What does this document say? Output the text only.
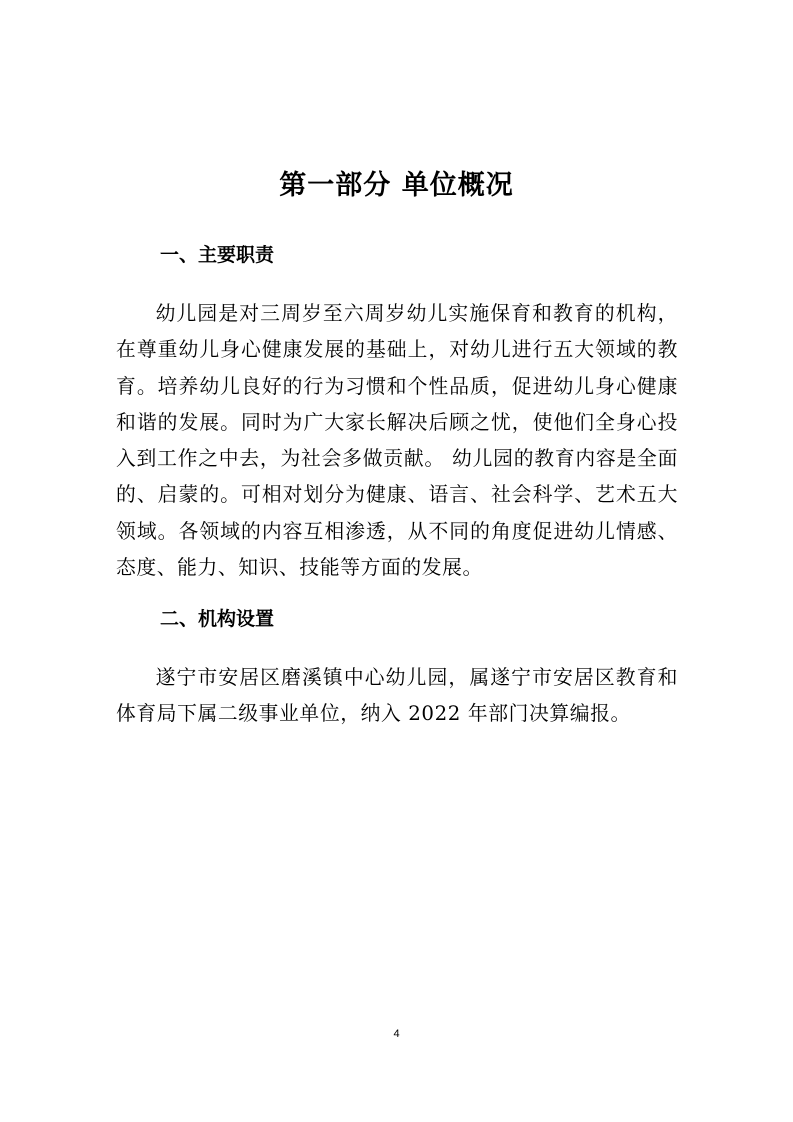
第一部分 单位概况
一、主要职责

幼儿园是对三周岁至六周岁幼儿实施保育和教育的机构，在尊重幼儿身心健康发展的基础上，对幼儿进行五大领域的教育。培养幼儿良好的行为习惯和个性品质，促进幼儿身心健康和谐的发展。同时为广大家长解决后顾之忧，使他们全身心投入到工作之中去，为社会多做贡献。 幼儿园的教育内容是全面的、启蒙的。可相对划分为健康、语言、社会科学、艺术五大领域。各领域的内容互相渗透，从不同的角度促进幼儿情感、态度、能力、知识、技能等方面的发展。

二、机构设置

遂宁市安居区磨溪镇中心幼儿园，属遂宁市安居区教育和体育局下属二级事业单位，纳入 2022 年部门决算编报。

4
